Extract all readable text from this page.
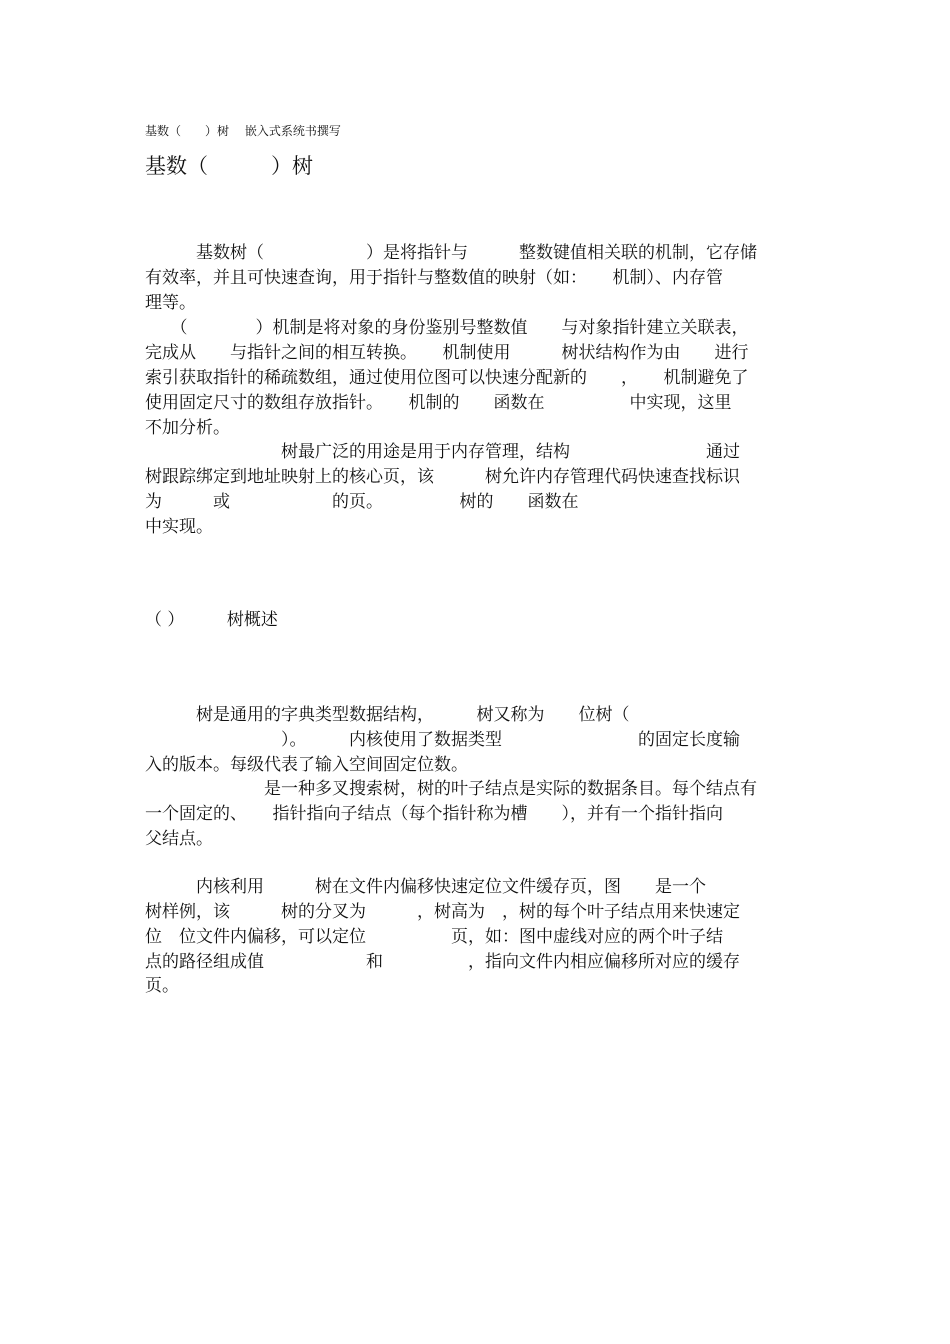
基数（　　）树　 嵌入式系统书撰写
基数（　　　）树
　　　基数树（　　　　　　）是将指针与　　　整数键值相关联的机制，它存储
有效率，并且可快速查询，用于指针与整数值的映射（如：　　机制）、内存管
理等。
　　（　　　　）机制是将对象的身份鉴别号整数值　　与对象指针建立关联表，
完成从　　与指针之间的相互转换。　　机制使用　　　树状结构作为由　　进行
索引获取指针的稀疏数组，通过使用位图可以快速分配新的　　，　　机制避免了
使用固定尺寸的数组存放指针。　　机制的　　函数在　　　　　中实现，这里
不加分析。
　　　　　　　　树最广泛的用途是用于内存管理，结构　　　　　　　　通过
树跟踪绑定到地址映射上的核心页，该　　　树允许内存管理代码快速查找标识
为　　　或　　　　　　的页。　　　　　树的　　函数在
中实现。
（ ）　　　树概述
　　　树是通用的字典类型数据结构，　　　树又称为　　位树（
　　　　　　　　）。　　　内核使用了数据类型　　　　　　　　的固定长度输
入的版本。每级代表了输入空间固定位数。
　　　　　　　是一种多叉搜索树，树的叶子结点是实际的数据条目。每个结点有
一个固定的、　　指针指向子结点（每个指针称为槽　　），并有一个指针指向
父结点。
　　　内核利用　　　树在文件内偏移快速定位文件缓存页，图　　是一个
树样例，该　　　树的分叉为　　　，树高为　，树的每个叶子结点用来快速定
位　位文件内偏移，可以定位　　　　　页，如：图中虚线对应的两个叶子结
点的路径组成值　　　　　　和　　　　　，指向文件内相应偏移所对应的缓存
页。
